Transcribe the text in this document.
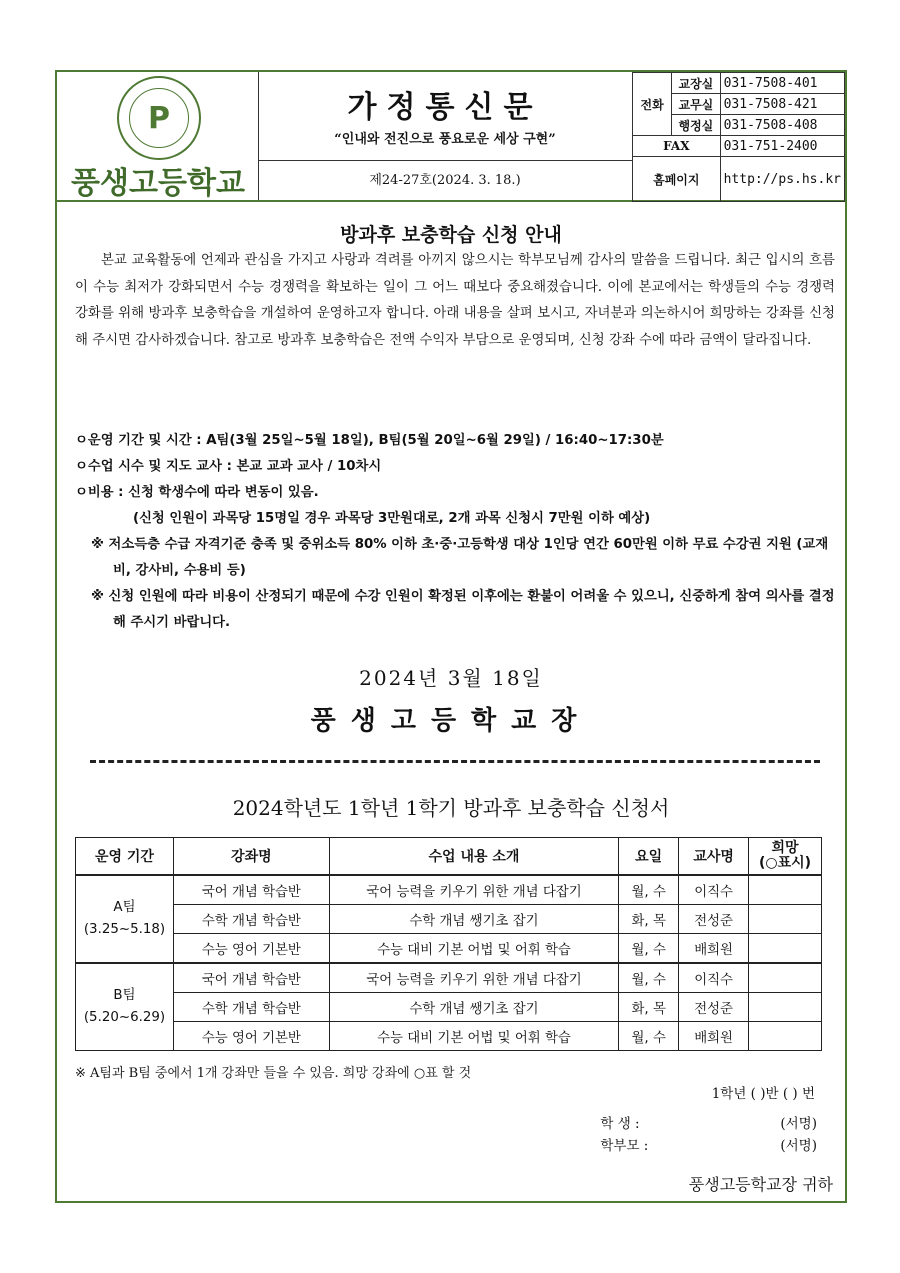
P
풍생고등학교
가정통신문
“인내와 전진으로 풍요로운 세상 구현”
제24-27호(2024. 3. 18.)
전화	교장실	031-7508-401
	교무실	031-7508-421
	행정실	031-7508-408
FAX		031-751-2400
홈페이지		http://ps.hs.kr
방과후 보충학습 신청 안내
본교 교육활동에 언제과 관심을 가지고 사랑과 격려를 아끼지 않으시는 학부모님께 감사의 말씀을 드립니다. 최근 입시의 흐름이 수능 최저가 강화되면서 수능 경쟁력을 확보하는 일이 그 어느 때보다 중요해졌습니다. 이에 본교에서는 학생들의 수능 경쟁력 강화를 위해 방과후 보충학습을 개설하여 운영하고자 합니다. 아래 내용을 살펴 보시고, 자녀분과 의논하시어 희망하는 강좌를 신청해 주시면 감사하겠습니다. 참고로 방과후 보충학습은 전액 수익자 부담으로 운영되며, 신청 강좌 수에 따라 금액이 달라집니다.
ㅇ운영 기간 및 시간 : A팀(3월 25일~5월 18일), B팀(5월 20일~6월 29일) / 16:40~17:30분
ㅇ수업 시수 및 지도 교사 : 본교 교과 교사 / 10차시
ㅇ비용 : 신청 학생수에 따라 변동이 있음.
(신청 인원이 과목당 15명일 경우 과목당 3만원대로, 2개 과목 신청시 7만원 이하 예상)
※ 저소득층 수급 자격기준 충족 및 중위소득 80% 이하 초·중·고등학생 대상 1인당 연간 60만원 이하 무료 수강권 지원 (교재비, 강사비, 수용비 등)
※ 신청 인원에 따라 비용이 산정되기 때문에 수강 인원이 확정된 이후에는 환불이 어려울 수 있으니, 신중하게 참여 의사를 결정해 주시기 바랍니다.
2024년 3월 18일
풍생고등학교장
2024학년도 1학년 1학기 방과후 보충학습 신청서
운영 기간	강좌명	수업 내용 소개	요일	교사명	희망
(○표시)

A팀
(3.25~5.18)	국어 개념 학습반	국어 능력을 키우기 위한 개념 다잡기	월, 수	이직수	
	수학 개념 학습반	수학 개념 쌩기초 잡기	화, 목	전성준	
	수능 영어 기본반	수능 대비 기본 어법 및 어휘 학습	월, 수	배희원	

B팀
(5.20~6.29)	국어 개념 학습반	국어 능력을 키우기 위한 개념 다잡기	월, 수	이직수	
	수학 개념 학습반	수학 개념 쌩기초 잡기	화, 목	전성준	
	수능 영어 기본반	수능 대비 기본 어법 및 어휘 학습	월, 수	배희원	
※ A팀과 B팀 중에서 1개 강좌만 들을 수 있음. 희망 강좌에 ○표 할 것
1학년 ( )반 ( ) 번
학 생 :	(서명)
학부모 :	(서명)
풍생고등학교장 귀하
